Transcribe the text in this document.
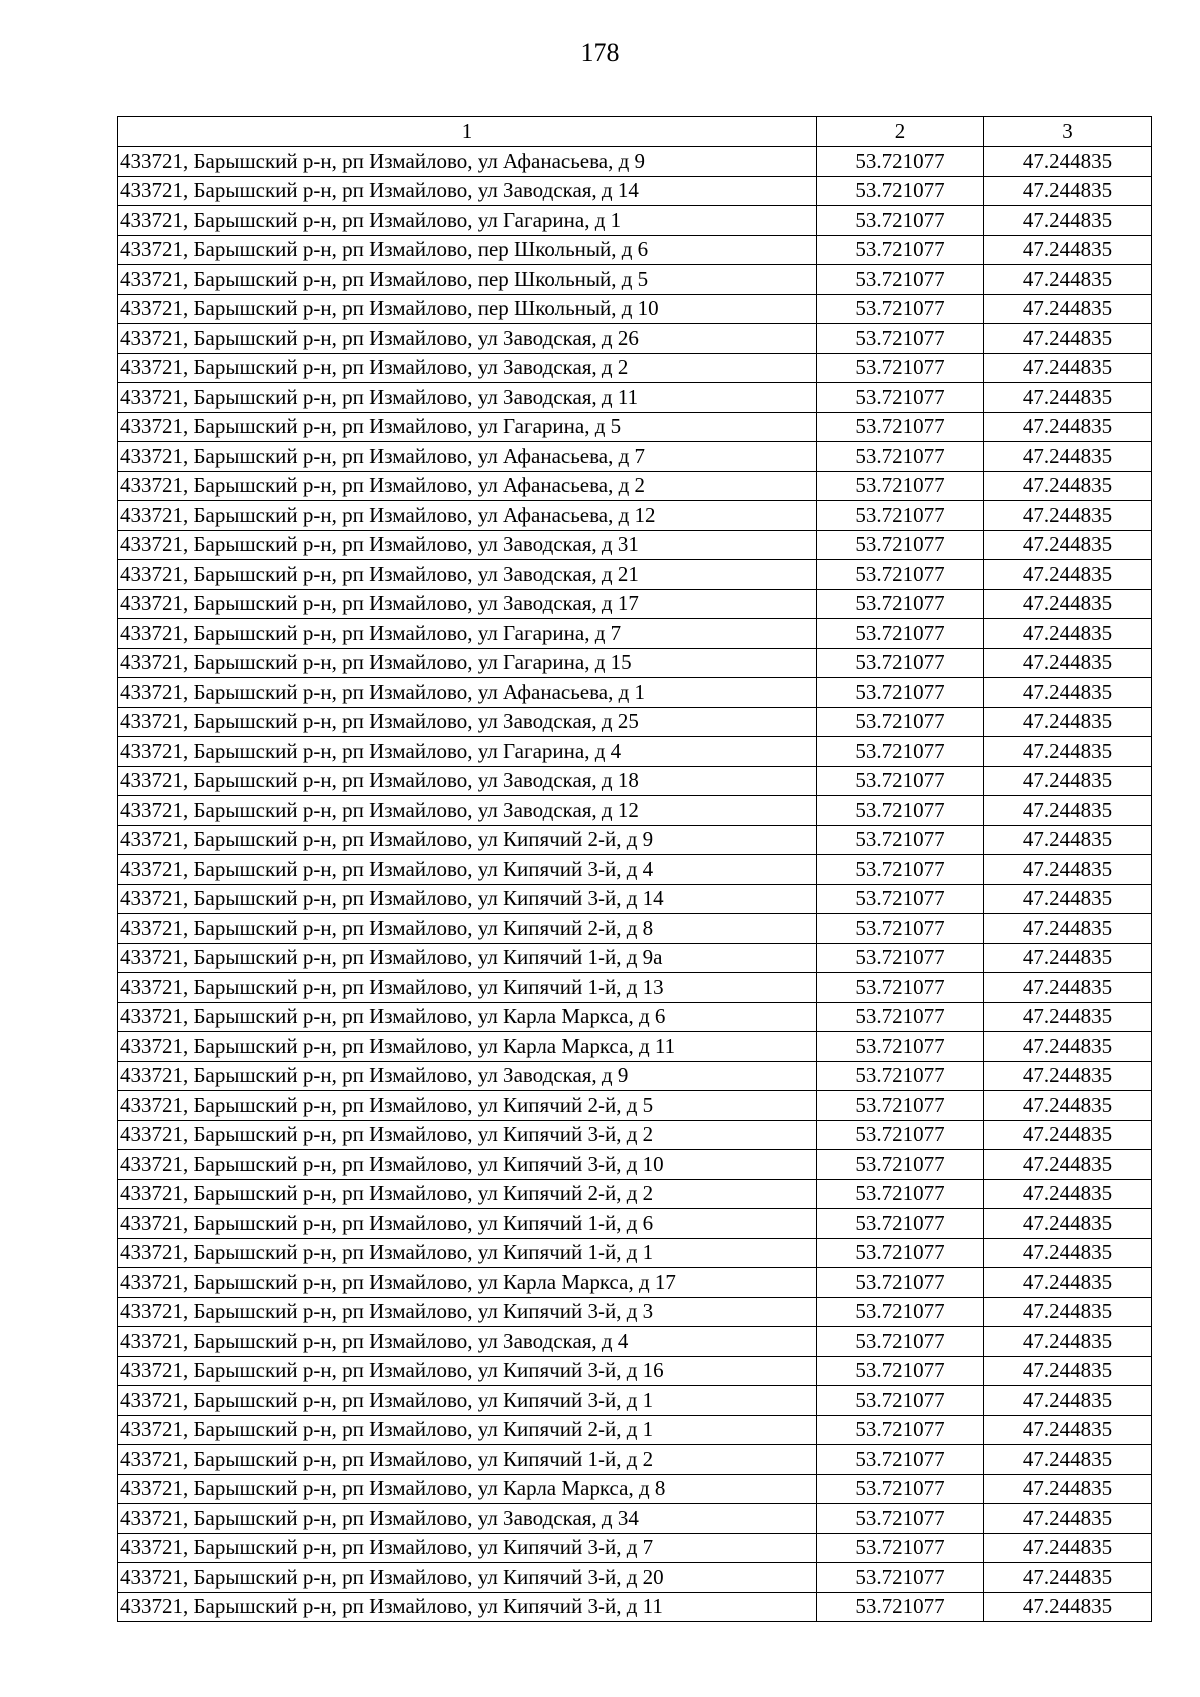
178
1	2	3
433721, Барышский р-н, рп Измайлово, ул Афанасьева, д 9	53.721077	47.244835
433721, Барышский р-н, рп Измайлово, ул Заводская, д 14	53.721077	47.244835
433721, Барышский р-н, рп Измайлово, ул Гагарина, д 1	53.721077	47.244835
433721, Барышский р-н, рп Измайлово, пер Школьный, д 6	53.721077	47.244835
433721, Барышский р-н, рп Измайлово, пер Школьный, д 5	53.721077	47.244835
433721, Барышский р-н, рп Измайлово, пер Школьный, д 10	53.721077	47.244835
433721, Барышский р-н, рп Измайлово, ул Заводская, д 26	53.721077	47.244835
433721, Барышский р-н, рп Измайлово, ул Заводская, д 2	53.721077	47.244835
433721, Барышский р-н, рп Измайлово, ул Заводская, д 11	53.721077	47.244835
433721, Барышский р-н, рп Измайлово, ул Гагарина, д 5	53.721077	47.244835
433721, Барышский р-н, рп Измайлово, ул Афанасьева, д 7	53.721077	47.244835
433721, Барышский р-н, рп Измайлово, ул Афанасьева, д 2	53.721077	47.244835
433721, Барышский р-н, рп Измайлово, ул Афанасьева, д 12	53.721077	47.244835
433721, Барышский р-н, рп Измайлово, ул Заводская, д 31	53.721077	47.244835
433721, Барышский р-н, рп Измайлово, ул Заводская, д 21	53.721077	47.244835
433721, Барышский р-н, рп Измайлово, ул Заводская, д 17	53.721077	47.244835
433721, Барышский р-н, рп Измайлово, ул Гагарина, д 7	53.721077	47.244835
433721, Барышский р-н, рп Измайлово, ул Гагарина, д 15	53.721077	47.244835
433721, Барышский р-н, рп Измайлово, ул Афанасьева, д 1	53.721077	47.244835
433721, Барышский р-н, рп Измайлово, ул Заводская, д 25	53.721077	47.244835
433721, Барышский р-н, рп Измайлово, ул Гагарина, д 4	53.721077	47.244835
433721, Барышский р-н, рп Измайлово, ул Заводская, д 18	53.721077	47.244835
433721, Барышский р-н, рп Измайлово, ул Заводская, д 12	53.721077	47.244835
433721, Барышский р-н, рп Измайлово, ул Кипячий 2-й, д 9	53.721077	47.244835
433721, Барышский р-н, рп Измайлово, ул Кипячий 3-й, д 4	53.721077	47.244835
433721, Барышский р-н, рп Измайлово, ул Кипячий 3-й, д 14	53.721077	47.244835
433721, Барышский р-н, рп Измайлово, ул Кипячий 2-й, д 8	53.721077	47.244835
433721, Барышский р-н, рп Измайлово, ул Кипячий 1-й, д 9а	53.721077	47.244835
433721, Барышский р-н, рп Измайлово, ул Кипячий 1-й, д 13	53.721077	47.244835
433721, Барышский р-н, рп Измайлово, ул Карла Маркса, д 6	53.721077	47.244835
433721, Барышский р-н, рп Измайлово, ул Карла Маркса, д 11	53.721077	47.244835
433721, Барышский р-н, рп Измайлово, ул Заводская, д 9	53.721077	47.244835
433721, Барышский р-н, рп Измайлово, ул Кипячий 2-й, д 5	53.721077	47.244835
433721, Барышский р-н, рп Измайлово, ул Кипячий 3-й, д 2	53.721077	47.244835
433721, Барышский р-н, рп Измайлово, ул Кипячий 3-й, д 10	53.721077	47.244835
433721, Барышский р-н, рп Измайлово, ул Кипячий 2-й, д 2	53.721077	47.244835
433721, Барышский р-н, рп Измайлово, ул Кипячий 1-й, д 6	53.721077	47.244835
433721, Барышский р-н, рп Измайлово, ул Кипячий 1-й, д 1	53.721077	47.244835
433721, Барышский р-н, рп Измайлово, ул Карла Маркса, д 17	53.721077	47.244835
433721, Барышский р-н, рп Измайлово, ул Кипячий 3-й, д 3	53.721077	47.244835
433721, Барышский р-н, рп Измайлово, ул Заводская, д 4	53.721077	47.244835
433721, Барышский р-н, рп Измайлово, ул Кипячий 3-й, д 16	53.721077	47.244835
433721, Барышский р-н, рп Измайлово, ул Кипячий 3-й, д 1	53.721077	47.244835
433721, Барышский р-н, рп Измайлово, ул Кипячий 2-й, д 1	53.721077	47.244835
433721, Барышский р-н, рп Измайлово, ул Кипячий 1-й, д 2	53.721077	47.244835
433721, Барышский р-н, рп Измайлово, ул Карла Маркса, д 8	53.721077	47.244835
433721, Барышский р-н, рп Измайлово, ул Заводская, д 34	53.721077	47.244835
433721, Барышский р-н, рп Измайлово, ул Кипячий 3-й, д 7	53.721077	47.244835
433721, Барышский р-н, рп Измайлово, ул Кипячий 3-й, д 20	53.721077	47.244835
433721, Барышский р-н, рп Измайлово, ул Кипячий 3-й, д 11	53.721077	47.244835
